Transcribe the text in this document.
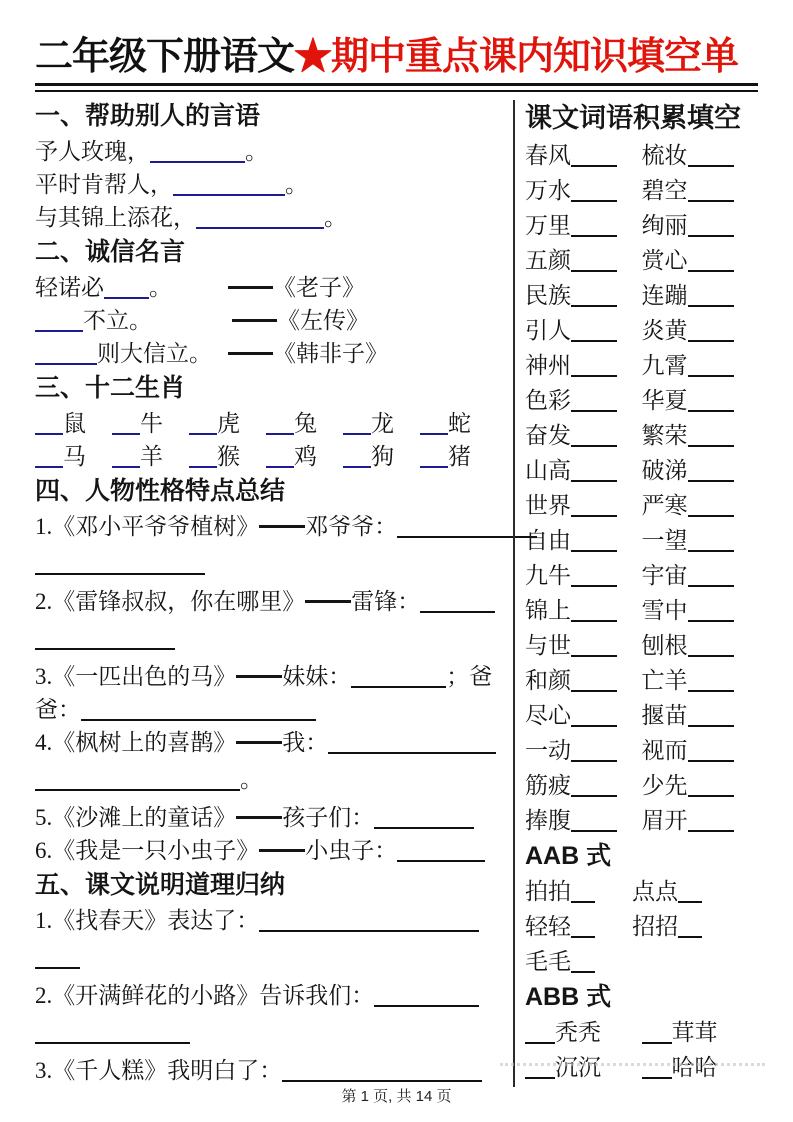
二年级下册语文★期中重点课内知识填空单
一、帮助别人的言语
予人玫瑰，	。
平时肯帮人，	。
与其锦上添花，	。
二、诚信名言
轻诺必 。	《老子》
不立。	《左传》
则大信立。	《韩非子》
三、十二生肖
鼠 牛 虎 兔 龙 蛇
马 羊 猴 鸡 狗 猪
四、人物性格特点总结
1.《邓小平爷爷植树》 邓爷爷：
2.《雷锋叔叔，你在哪里》 雷锋：
3.《一匹出色的马》 妹妹：	；爸
爸：
4.《枫树上的喜鹊》 我：
。
5.《沙滩上的童话》 孩子们：
6.《我是一只小虫子》 小虫子：
五、课文说明道理归纳
1.《找春天》表达了：
2.《开满鲜花的小路》告诉我们：
3.《千人糕》我明白了：
课文词语积累填空
春风	梳妆
万水	碧空
万里	绚丽
五颜	赏心
民族	连蹦
引人	炎黄
神州	九霄
色彩	华夏
奋发	繁荣
山高	破涕
世界	严寒
自由	一望
九牛	宇宙
锦上	雪中
与世	刨根
和颜	亡羊
尽心	揠苗
一动	视而
筋疲	少先
捧腹	眉开
AAB 式
拍拍	点点
轻轻	招招
毛毛
ABB 式
秃秃	茸茸
沉沉	哈哈
第 1 页, 共 14 页
